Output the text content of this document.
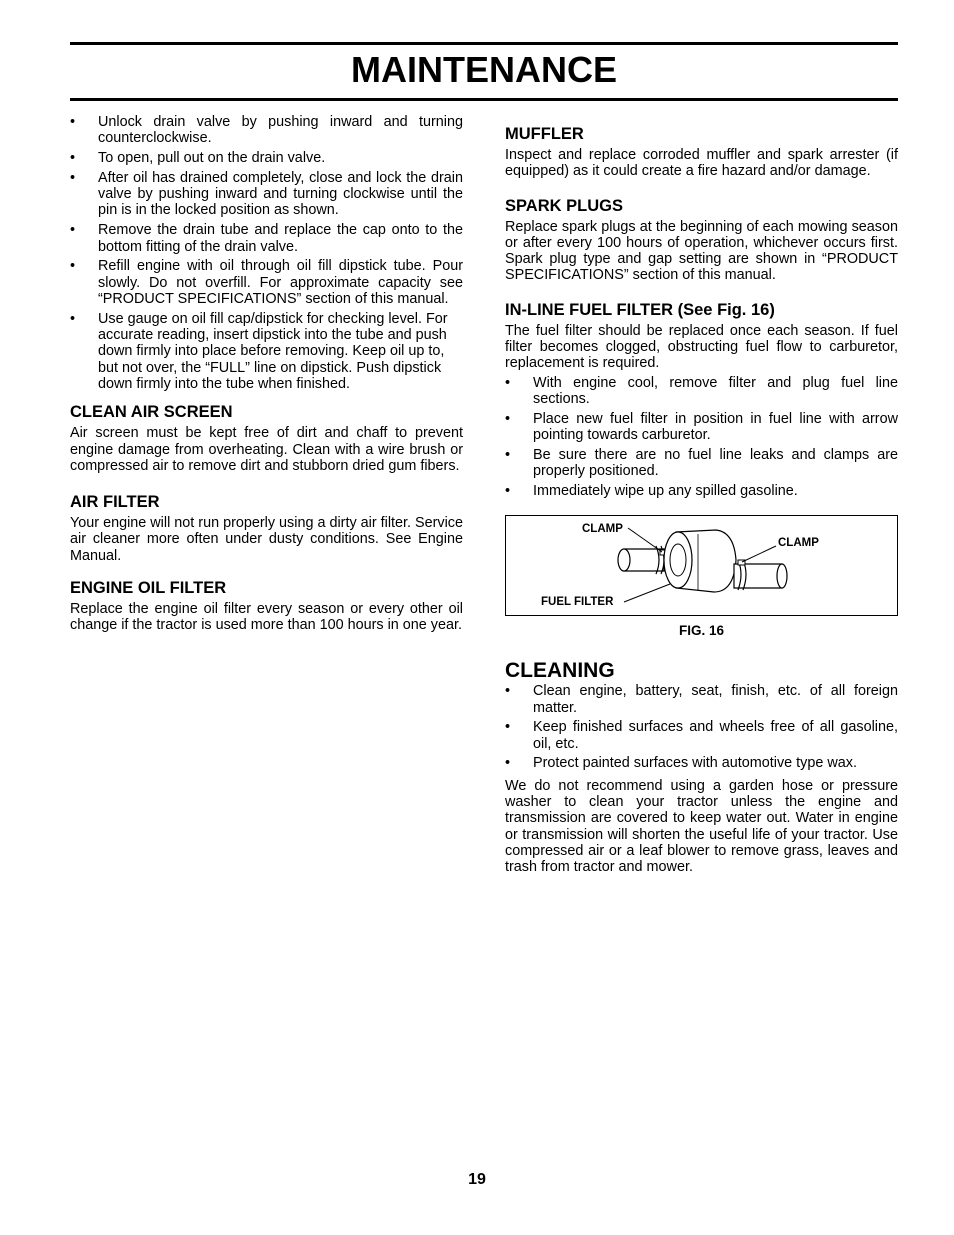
MAINTENANCE
• Unlock drain valve by pushing inward and turning counterclockwise.
• To open, pull out on the drain valve.
• After oil has drained completely, close and lock the drain valve by pushing inward and turning clockwise until the pin is in the locked position as shown.
• Remove the drain tube and replace the cap onto to the bottom fitting of the drain valve.
• Refill engine with oil through oil fill dipstick tube. Pour slowly. Do not overfill. For approximate capacity see “PRODUCT SPECIFICATIONS” section of this manual.
• Use gauge on oil fill cap/dipstick for checking level. For accurate reading, insert dipstick into the tube and push down firmly into place before removing. Keep oil up to, but not over, the “FULL” line on dipstick. Push dipstick down firmly into the tube when finished.
CLEAN AIR SCREEN

Air screen must be kept free of dirt and chaff to prevent engine damage from overheating. Clean with a wire brush or compressed air to remove dirt and stubborn dried gum fibers.

AIR FILTER

Your engine will not run properly using a dirty air filter. Service air cleaner more often under dusty conditions. See Engine Manual.

ENGINE OIL FILTER

Replace the engine oil filter every season or every other oil change if the tractor is used more than 100 hours in one year.

MUFFLER

Inspect and replace corroded muffler and spark arrester (if equipped) as it could create a fire hazard and/or damage.

SPARK PLUGS

Replace spark plugs at the beginning of each mowing season or after every 100 hours of operation, whichever occurs first. Spark plug type and gap setting are shown in “PRODUCT SPECIFICATIONS” section of this manual.

IN-LINE FUEL FILTER (See Fig. 16)

The fuel filter should be replaced once each season. If fuel filter becomes clogged, obstructing fuel flow to carburetor, replacement is required.

• With engine cool, remove filter and plug fuel line sections.
• Place new fuel filter in position in fuel line with arrow pointing towards carburetor.
• Be sure there are no fuel line leaks and clamps are properly positioned.
• Immediately wipe up any spilled gasoline.
CLAMP
CLAMP
FUEL FILTER
FIG. 16
CLEANING
• Clean engine, battery, seat, finish, etc. of all foreign matter.
• Keep finished surfaces and wheels free of all gasoline, oil, etc.
• Protect painted surfaces with automotive type wax.

We do not recommend using a garden hose or pressure washer to clean your tractor unless the engine and transmission are covered to keep water out. Water in engine or transmission will shorten the useful life of your tractor. Use compressed air or a leaf blower to remove grass, leaves and trash from tractor and mower.

19
